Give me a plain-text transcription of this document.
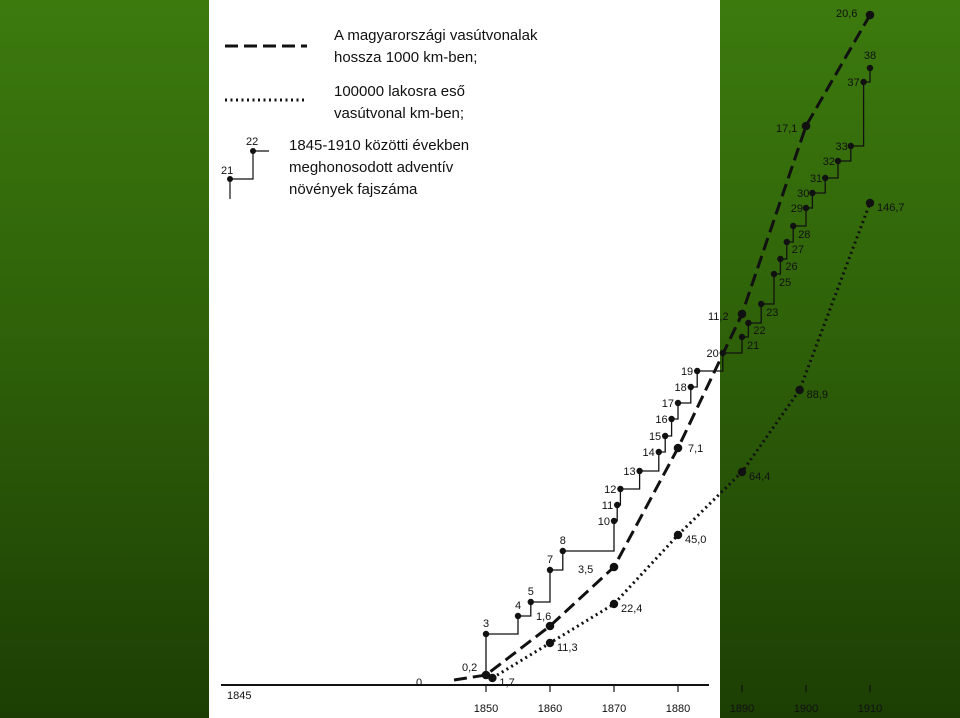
1845
1850	1860	1870	1880	1890	1900	1910
0
0,2
1,6
3,5
7,1
11,2
17,1
20,6
1,7
11,3
22,4
45,0
64,4
88,9
146,7
3
4
5
7
8
10
11
12
13
14
15
16
17
18
19
20
21
22
23
25
26
27
28
29
30
31
32
33
37
38
A magyarországi vasútvonalak
hossza 1000 km-ben;
100000 lakosra eső
vasútvonal km-ben;
21
22 1845-1910 közötti években
meghonosodott adventív
növények fajszáma
